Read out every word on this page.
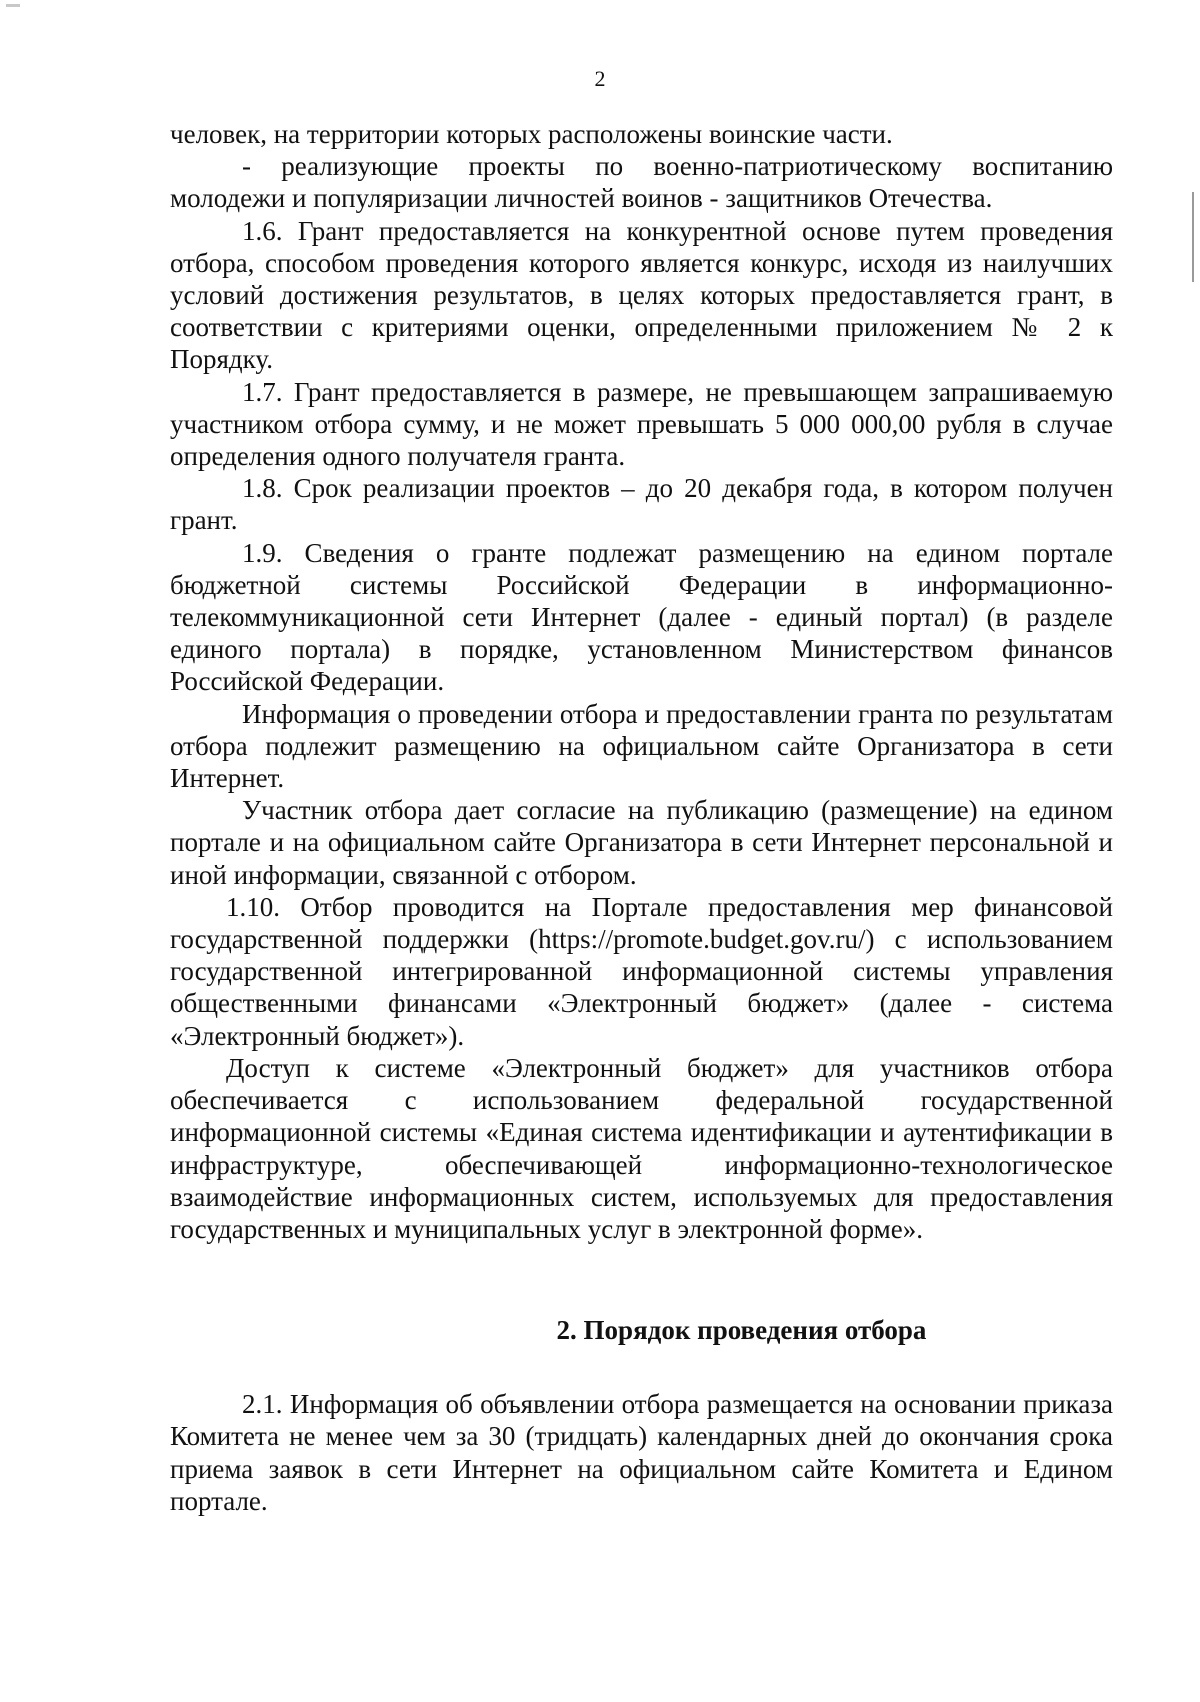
2

человек, на территории которых расположены воинские части.

- реализующие проекты по военно-патриотическому воспитанию молодежи и популяризации личностей воинов - защитников Отечества.

1.6. Грант предоставляется на конкурентной основе путем проведения отбора, способом проведения которого является конкурс, исходя из наилучших условий достижения результатов, в целях которых предоставляется грант, в соответствии с критериями оценки, определенными приложением № 2 к Порядку.

1.7. Грант предоставляется в размере, не превышающем запрашиваемую участником отбора сумму, и не может превышать 5 000 000,00 рубля в случае определения одного получателя гранта.

1.8. Срок реализации проектов – до 20 декабря года, в котором получен грант.

1.9. Сведения о гранте подлежат размещению на едином портале бюджетной системы Российской Федерации в информационно-телекоммуникационной сети Интернет (далее - единый портал) (в разделе единого портала) в порядке, установленном Министерством финансов Российской Федерации.

Информация о проведении отбора и предоставлении гранта по результатам отбора подлежит размещению на официальном сайте Организатора в сети Интернет.

Участник отбора дает согласие на публикацию (размещение) на едином портале и на официальном сайте Организатора в сети Интернет персональной и иной информации, связанной с отбором.

1.10. Отбор проводится на Портале предоставления мер финансовой государственной поддержки (https://promote.budget.gov.ru/) с использованием государственной интегрированной информационной системы управления общественными финансами «Электронный бюджет» (далее - система «Электронный бюджет»).

Доступ к системе «Электронный бюджет» для участников отбора обеспечивается с использованием федеральной государственной информационной системы «Единая система идентификации и аутентификации в инфраструктуре, обеспечивающей информационно-технологическое взаимодействие информационных систем, используемых для предоставления государственных и муниципальных услуг в электронной форме».

2. Порядок проведения отбора

2.1. Информация об объявлении отбора размещается на основании приказа Комитета не менее чем за 30 (тридцать) календарных дней до окончания срока приема заявок в сети Интернет на официальном сайте Комитета и Едином портале.
